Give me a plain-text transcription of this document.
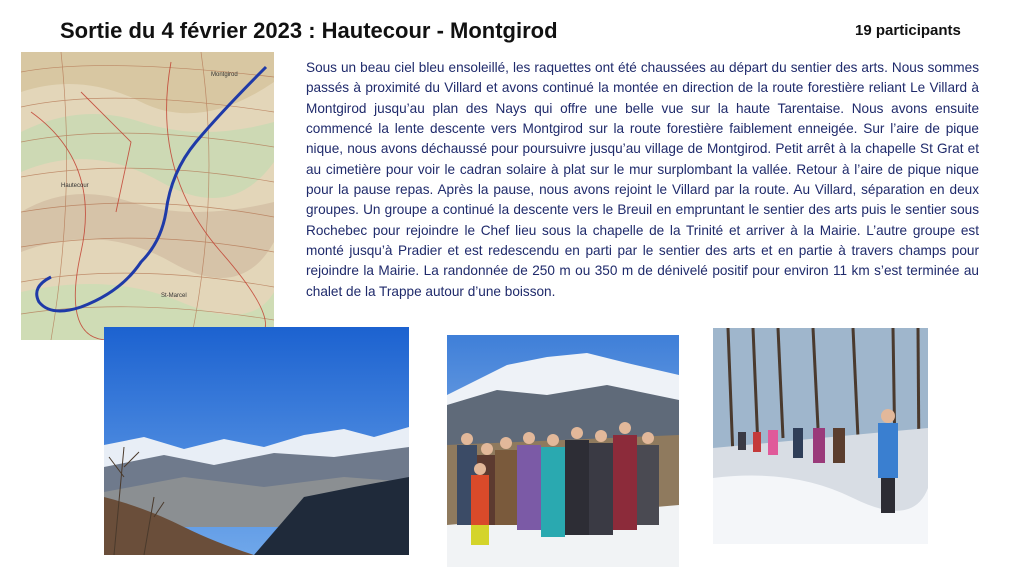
Sortie du 4 février 2023 : Hautecour - Montgirod	19 participants

Sous un beau ciel bleu ensoleillé, les raquettes ont été chaussées au départ du sentier des arts. Nous sommes passés à proximité du Villard et avons continué la montée en direction de la route forestière reliant Le Villard à Montgirod jusqu’au plan des Nays qui offre une belle vue sur la haute Tarentaise. Nous avons ensuite commencé la lente descente vers Montgirod sur la route forestière faiblement enneigée. Sur l’aire de pique nique, nous avons déchaussé pour poursuivre jusqu’au village de Montgirod. Petit arrêt à la chapelle St Grat et au cimetière pour voir le cadran solaire à plat sur le mur surplombant la vallée. Retour à l’aire de pique nique pour la pause repas. Après la pause, nous avons rejoint le Villard par la route. Au Villard, séparation en deux groupes. Un groupe a continué la descente vers le Breuil en empruntant le sentier des arts puis le sentier sous Rochebec pour rejoindre le Chef lieu sous la chapelle de la Trinité et arriver à la Mairie. L’autre groupe est monté jusqu’à Pradier et est redescendu en parti par le sentier des arts et en partie à travers champs pour rejoindre la Mairie. La randonnée de 250 m ou 350 m de dénivelé positif pour environ 11 km s’est terminée au chalet de la Trappe autour d’une boisson.

Montgirod
Hautecour
St-Marcel
